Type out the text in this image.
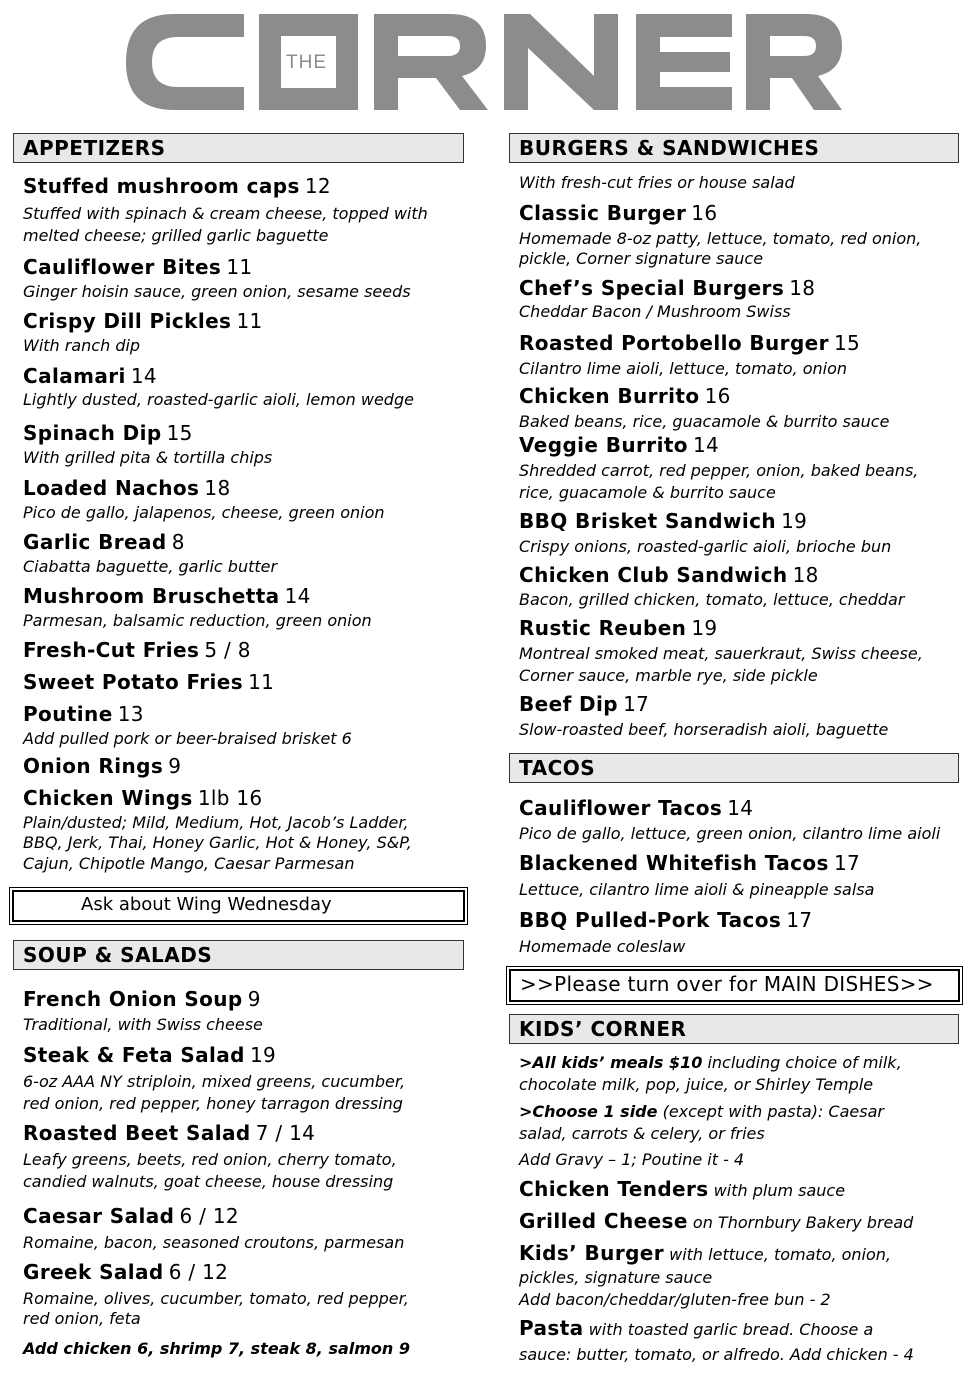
THE
APPETIZERS
Stuffed mushroom caps 12
Stuffed with spinach & cream cheese, topped with
melted cheese; grilled garlic baguette
Cauliflower Bites 11
Ginger hoisin sauce, green onion, sesame seeds
Crispy Dill Pickles 11
With ranch dip
Calamari 14
Lightly dusted, roasted-garlic aioli, lemon wedge
Spinach Dip 15
With grilled pita & tortilla chips
Loaded Nachos 18
Pico de gallo, jalapenos, cheese, green onion
Garlic Bread 8
Ciabatta baguette, garlic butter
Mushroom Bruschetta 14
Parmesan, balsamic reduction, green onion
Fresh-Cut Fries 5 / 8
Sweet Potato Fries 11
Poutine 13
Add pulled pork or beer-braised brisket 6
Onion Rings 9
Chicken Wings 1lb 16
Plain/dusted; Mild, Medium, Hot, Jacob’s Ladder,
BBQ, Jerk, Thai, Honey Garlic, Hot & Honey, S&P,
Cajun, Chipotle Mango, Caesar Parmesan
Ask about Wing Wednesday
SOUP & SALADS
French Onion Soup 9
Traditional, with Swiss cheese
Steak & Feta Salad 19
6-oz AAA NY striploin, mixed greens, cucumber,
red onion, red pepper, honey tarragon dressing
Roasted Beet Salad 7 / 14
Leafy greens, beets, red onion, cherry tomato,
candied walnuts, goat cheese, house dressing
Caesar Salad 6 / 12
Romaine, bacon, seasoned croutons, parmesan
Greek Salad 6 / 12
Romaine, olives, cucumber, tomato, red pepper,
red onion, feta
Add chicken 6, shrimp 7, steak 8, salmon 9
BURGERS & SANDWICHES
With fresh-cut fries or house salad
Classic Burger 16
Homemade 8-oz patty, lettuce, tomato, red onion,
pickle, Corner signature sauce
Chef’s Special Burgers 18
Cheddar Bacon / Mushroom Swiss
Roasted Portobello Burger 15
Cilantro lime aioli, lettuce, tomato, onion
Chicken Burrito 16
Baked beans, rice, guacamole & burrito sauce
Veggie Burrito 14
Shredded carrot, red pepper, onion, baked beans,
rice, guacamole & burrito sauce
BBQ Brisket Sandwich 19
Crispy onions, roasted-garlic aioli, brioche bun
Chicken Club Sandwich 18
Bacon, grilled chicken, tomato, lettuce, cheddar
Rustic Reuben 19
Montreal smoked meat, sauerkraut, Swiss cheese,
Corner sauce, marble rye, side pickle
Beef Dip 17
Slow-roasted beef, horseradish aioli, baguette
TACOS
Cauliflower Tacos 14
Pico de gallo, lettuce, green onion, cilantro lime aioli
Blackened Whitefish Tacos 17
Lettuce, cilantro lime aioli & pineapple salsa
BBQ Pulled-Pork Tacos 17
Homemade coleslaw
>>Please turn over for MAIN DISHES>>
KIDS’ CORNER
>All kids’ meals $10 including choice of milk,
chocolate milk, pop, juice, or Shirley Temple
>Choose 1 side (except with pasta): Caesar
salad, carrots & celery, or fries
Add Gravy – 1; Poutine it - 4
Chicken Tenders with plum sauce
Grilled Cheese on Thornbury Bakery bread
Kids’ Burger with lettuce, tomato, onion,
pickles, signature sauce
Add bacon/cheddar/gluten-free bun - 2
Pasta with toasted garlic bread. Choose a
sauce: butter, tomato, or alfredo. Add chicken - 4
